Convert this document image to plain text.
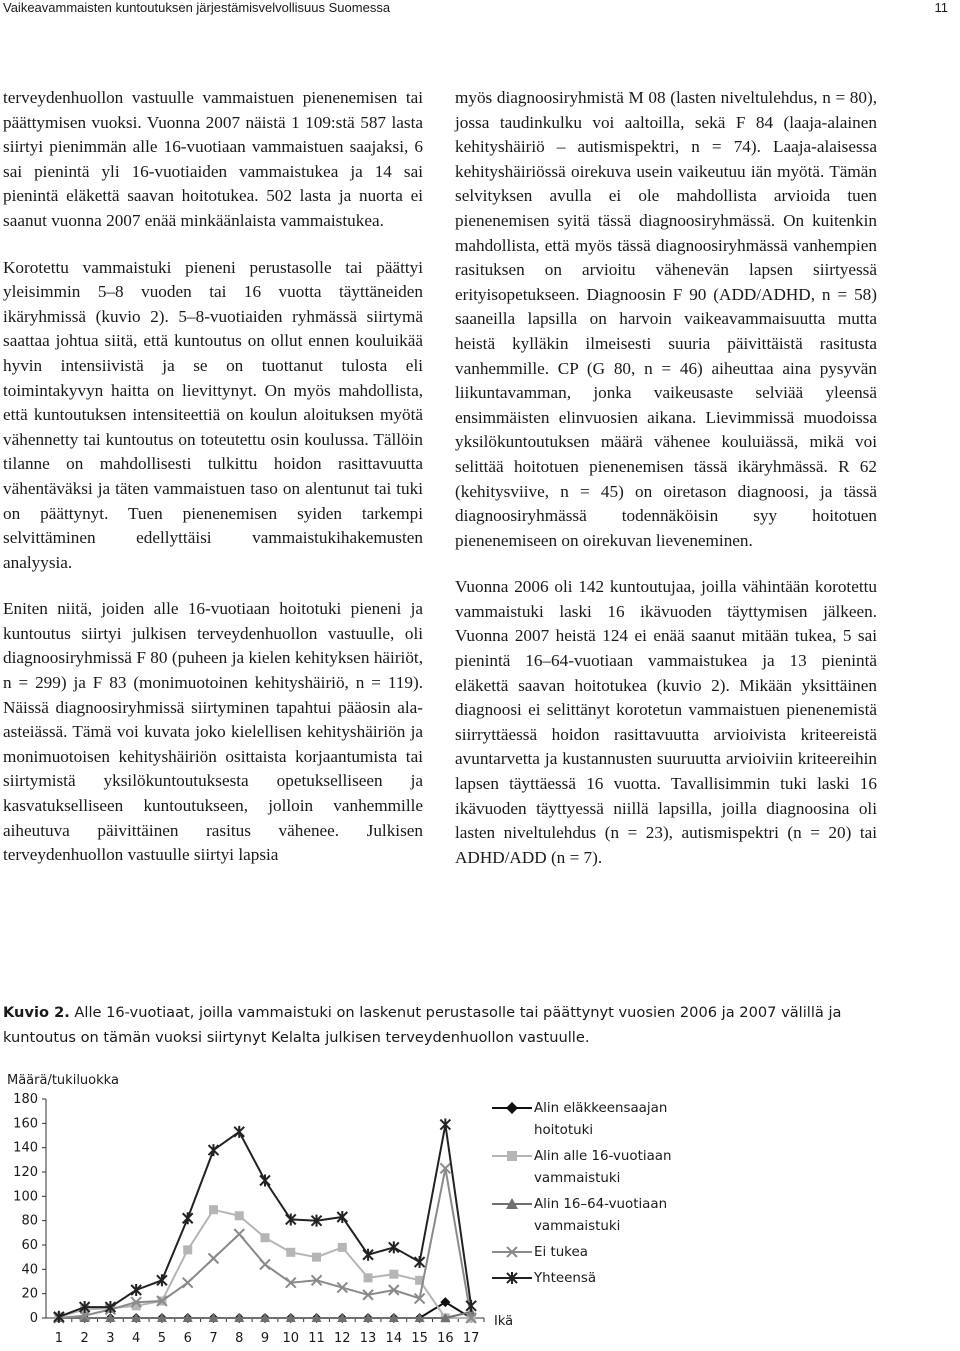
Vaikeavammaisten kuntoutuksen järjestämisvelvollisuus Suomessa	11

terveydenhuollon vastuulle vammaistuen pienenemisen tai päättymisen vuoksi. Vuonna 2007 näistä 1 109:stä 587 lasta siirtyi pienimmän alle 16-vuotiaan vammaistuen saajaksi, 6 sai pienintä yli 16-vuotiaiden vammaistukea ja 14 sai pienintä eläkettä saavan hoitotukea. 502 lasta ja nuorta ei saanut vuonna 2007 enää minkäänlaista vammaistukea.

Korotettu vammaistuki pieneni perustasolle tai päättyi yleisimmin 5–8 vuoden tai 16 vuotta täyttäneiden ikäryhmissä (kuvio 2). 5–8-vuotiaiden ryhmässä siirtymä saattaa johtua siitä, että kuntoutus on ollut ennen kouluikää hyvin intensiivistä ja se on tuottanut tulosta eli toimintakyvyn haitta on lievittynyt. On myös mahdollista, että kuntoutuksen intensiteettiä on koulun aloituksen myötä vähennetty tai kuntoutus on toteutettu osin koulussa. Tällöin tilanne on mahdollisesti tulkittu hoidon rasittavuutta vähentäväksi ja täten vammaistuen taso on alentunut tai tuki on päättynyt. Tuen pienenemisen syiden tarkempi selvittäminen edellyttäisi vammaistukihakemusten analyysia.

Eniten niitä, joiden alle 16-vuotiaan hoitotuki pieneni ja kuntoutus siirtyi julkisen terveydenhuollon vastuulle, oli diagnoosiryhmissä F 80 (puheen ja kielen kehityksen häiriöt, n = 299) ja F 83 (monimuotoinen kehityshäiriö, n = 119). Näissä diagnoosiryhmissä siirtyminen tapahtui pääosin ala-asteiässä. Tämä voi kuvata joko kielellisen kehityshäiriön ja monimuotoisen kehityshäiriön osittaista korjaantumista tai siirtymistä yksilökuntoutuksesta opetukselliseen ja kasvatukselliseen kuntoutukseen, jolloin vanhemmille aiheutuva päivittäinen rasitus vähenee. Julkisen terveydenhuollon vastuulle siirtyi lapsia

myös diagnoosiryhmistä M 08 (lasten niveltulehdus, n = 80), jossa taudinkulku voi aaltoilla, sekä F 84 (laaja-alainen kehityshäiriö – autismispektri, n = 74). Laaja-alaisessa kehityshäiriössä oirekuva usein vaikeutuu iän myötä. Tämän selvityksen avulla ei ole mahdollista arvioida tuen pienenemisen syitä tässä diagnoosiryhmässä. On kuitenkin mahdollista, että myös tässä diagnoosiryhmässä vanhempien rasituksen on arvioitu vähenevän lapsen siirtyessä erityisopetukseen. Diagnoosin F 90 (ADD/ADHD, n = 58) saaneilla lapsilla on harvoin vaikeavammaisuutta mutta heistä kylläkin ilmeisesti suuria päivittäistä rasitusta vanhemmille. CP (G 80, n = 46) aiheuttaa aina pysyvän liikuntavamman, jonka vaikeusaste selviää yleensä ensimmäisten elinvuosien aikana. Lievimmissä muodoissa yksilökuntoutuksen määrä vähenee kouluiässä, mikä voi selittää hoitotuen pienenemisen tässä ikäryhmässä. R 62 (kehitysviive, n = 45) on oiretason diagnoosi, ja tässä diagnoosiryhmässä todennäköisin syy hoitotuen pienenemiseen on oirekuvan lieveneminen.

Vuonna 2006 oli 142 kuntoutujaa, joilla vähintään korotettu vammaistuki laski 16 ikävuoden täyttymisen jälkeen. Vuonna 2007 heistä 124 ei enää saanut mitään tukea, 5 sai pienintä 16–64-vuotiaan vammaistukea ja 13 pienintä eläkettä saavan hoitotukea (kuvio 2). Mikään yksittäinen diagnoosi ei selittänyt korotetun vammaistuen pienenemistä siirryttäessä hoidon rasittavuutta arvioivista kriteereistä avuntarvetta ja kustannusten suuruutta arvioiviin kriteereihin lapsen täyttäessä 16 vuotta. Tavallisimmin tuki laski 16 ikävuoden täyttyessä niillä lapsilla, joilla diagnoosina oli lasten niveltulehdus (n = 23), autismispektri (n = 20) tai ADHD/ADD (n = 7).

Kuvio 2. Alle 16-vuotiaat, joilla vammaistuki on laskenut perustasolle tai päättynyt vuosien 2006 ja 2007 välillä ja kuntoutus on tämän vuoksi siirtynyt Kelalta julkisen terveydenhuollon vastuulle.
Määrä/tukiluokka
Ikä
0
20
40
60
80
100
120
140
160
180
1 2 3 4 5 6 7 8 9 10 11 12 13 14 15 16 17
Alin eläkkeensaajan hoitotuki
Alin alle 16-vuotiaan vammaistuki
Alin 16–64-vuotiaan vammaistuki
Ei tukea
Yhteensä
